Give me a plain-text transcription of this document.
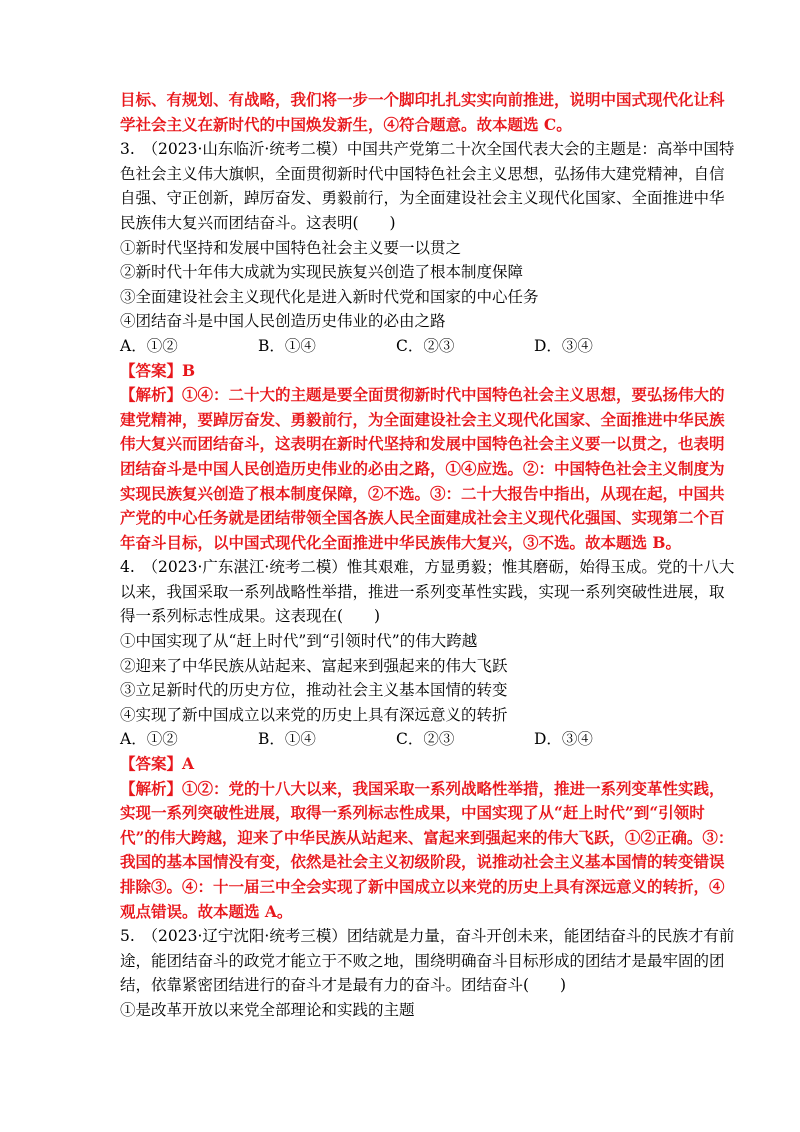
目标、有规划、有战略，我们将一步一个脚印扎扎实实向前推进，说明中国式现代化让科
学社会主义在新时代的中国焕发新生，④符合题意。故本题选 C。
3.　（2023·山东临沂·统考二模）中国共产党第二十次全国代表大会的主题是：高举中国特
色社会主义伟大旗帜，全面贯彻新时代中国特色社会主义思想，弘扬伟大建党精神，自信
自强、守正创新，踔厉奋发、勇毅前行，为全面建设社会主义现代化国家、全面推进中华
民族伟大复兴而团结奋斗。这表明(　　)
①新时代坚持和发展中国特色社会主义要一以贯之
②新时代十年伟大成就为实现民族复兴创造了根本制度保障
③全面建设社会主义现代化是进入新时代党和国家的中心任务
④团结奋斗是中国人民创造历史伟业的必由之路
A．①②	B．①④	C．②③	D．③④
【答案】B
【解析】①④：二十大的主题是要全面贯彻新时代中国特色社会主义思想，要弘扬伟大的
建党精神，要踔厉奋发、勇毅前行，为全面建设社会主义现代化国家、全面推进中华民族
伟大复兴而团结奋斗，这表明在新时代坚持和发展中国特色社会主义要一以贯之，也表明
团结奋斗是中国人民创造历史伟业的必由之路，①④应选。②：中国特色社会主义制度为
实现民族复兴创造了根本制度保障，②不选。③：二十大报告中指出，从现在起，中国共
产党的中心任务就是团结带领全国各族人民全面建成社会主义现代化强国、实现第二个百
年奋斗目标，以中国式现代化全面推进中华民族伟大复兴，③不选。故本题选 B。
4.　（2023·广东湛江·统考二模）惟其艰难，方显勇毅；惟其磨砺，始得玉成。党的十八大
以来，我国采取一系列战略性举措，推进一系列变革性实践，实现一系列突破性进展，取
得一系列标志性成果。这表现在(　　)
①中国实现了从“赶上时代”到“引领时代”的伟大跨越
②迎来了中华民族从站起来、富起来到强起来的伟大飞跃
③立足新时代的历史方位，推动社会主义基本国情的转变
④实现了新中国成立以来党的历史上具有深远意义的转折
A．①②	B．①④	C．②③	D．③④
【答案】A
【解析】①②：党的十八大以来，我国采取一系列战略性举措，推进一系列变革性实践，
实现一系列突破性进展，取得一系列标志性成果，中国实现了从“赶上时代”到“引领时
代”的伟大跨越，迎来了中华民族从站起来、富起来到强起来的伟大飞跃，①②正确。③：
我国的基本国情没有变，依然是社会主义初级阶段，说推动社会主义基本国情的转变错误
排除③。④：十一届三中全会实现了新中国成立以来党的历史上具有深远意义的转折，④
观点错误。故本题选 A。
5.　（2023·辽宁沈阳·统考三模）团结就是力量，奋斗开创未来，能团结奋斗的民族才有前
途，能团结奋斗的政党才能立于不败之地，围绕明确奋斗目标形成的团结才是最牢固的团
结，依靠紧密团结进行的奋斗才是最有力的奋斗。团结奋斗(　　)
①是改革开放以来党全部理论和实践的主题
